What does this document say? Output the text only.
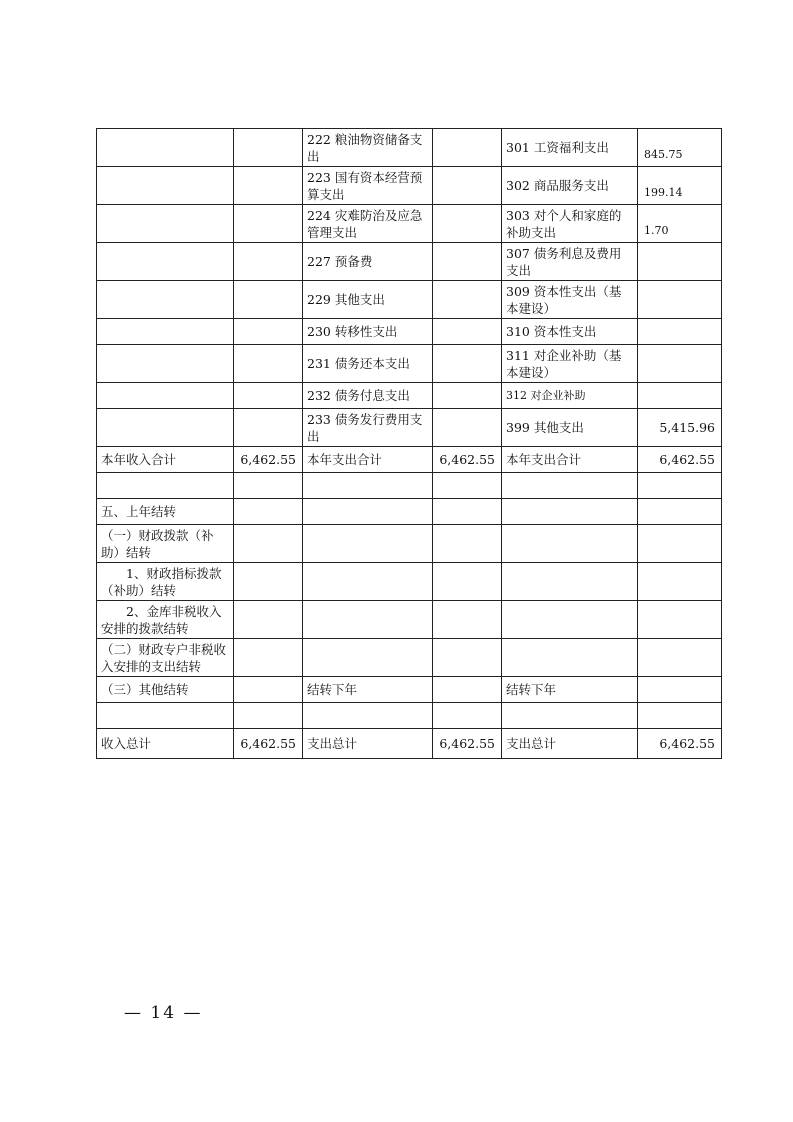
		222 粮油物资储备支出		301 工资福利支出	845.75
		223 国有资本经营预算支出		302 商品服务支出	199.14
		224 灾难防治及应急管理支出		303 对个人和家庭的补助支出	1.70
		227 预备费		307 债务利息及费用支出	
		229 其他支出		309 资本性支出（基本建设）	
		230 转移性支出		310 资本性支出	
		231 债务还本支出		311 对企业补助（基本建设）	
		232 债务付息支出		312 对企业补助	
		233 债务发行费用支出		399 其他支出	5,415.96
本年收入合计	6,462.55	本年支出合计	6,462.55	本年支出合计	6,462.55

五、上年结转					
（一）财政拨款（补助）结转					
1、财政指标拨款（补助）结转					
2、金库非税收入安排的拨款结转					
（二）财政专户非税收入安排的支出结转					
（三）其他结转		结转下年		结转下年	

收入总计	6,462.55	支出总计	6,462.55	支出总计	6,462.55
— 14 —
